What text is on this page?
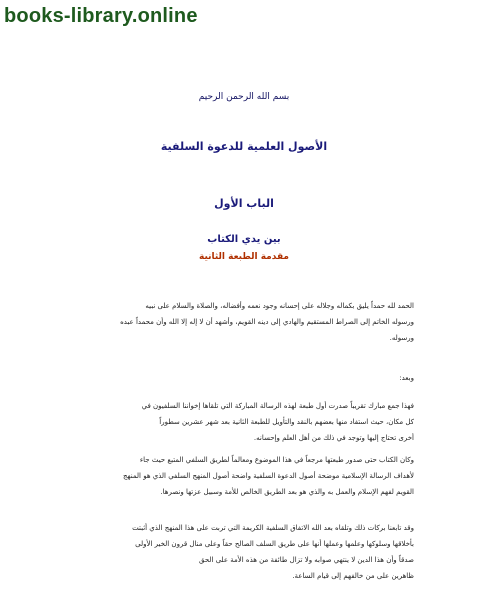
books-library.online
بسم الله الرحمن الرحيم
الأصول العلمية للدعوة السلفية
الباب الأول
بين يدي الكتاب
مقدمة الطبعة الثانية
الحمد لله حمداً يليق بكماله وجلاله على إحسانه وجود نعمه وأفضاله، والصلاة والسلام على نبيه
ورسوله الخاتم إلى الصراط المستقيم والهادي إلى دينه القويم، وأشهد أن لا إله إلا الله وأن محمداً عبده
ورسوله.
وبعد:
فهذا جمع مبارك تقريباً صدرت أول طبعة لهذه الرسالة المباركة التي تلقاها إخواننا السلفيون في
كل مكان، حيث استفاد منها بعضهم بالنقد والتأويل للطبعة الثانية بعد شهر عشرين سطوراً
أخرى تحتاج إليها وتوجد في ذلك من أهل العلم وإحسانه.
وكان الكتاب حتى صدور طبعتها مرجعاً في هذا الموضوع ومعالماً لطريق السلفي المتبع حيث جاء
لأهداف الرسالة الإسلامية موضحة أصول الدعوة السلفية واضحة أصول المنهج السلفي الذي هو المنهج
القويم لفهم الإسلام والعمل به والذي هو بعد الطريق الخالص للأمة وسبيل عزتها ونصرها.
وقد تابعنا بركات ذلك وتلقاه بعد الله الاتفاق السلفية الكريمة التي تربت على هذا المنهج الذي أثبتت
بأخلاقها وسلوكها وعلمها وعملها أنها على طريق السلف الصالح حقاً وعلى منال قرون الخير الأولى
صدقاً وأن هذا الدين لا ينتهي صوابه ولا تزال طائفة من هذه الأمة على الحق
ظاهرين على من خالفهم إلى قيام الساعة.
